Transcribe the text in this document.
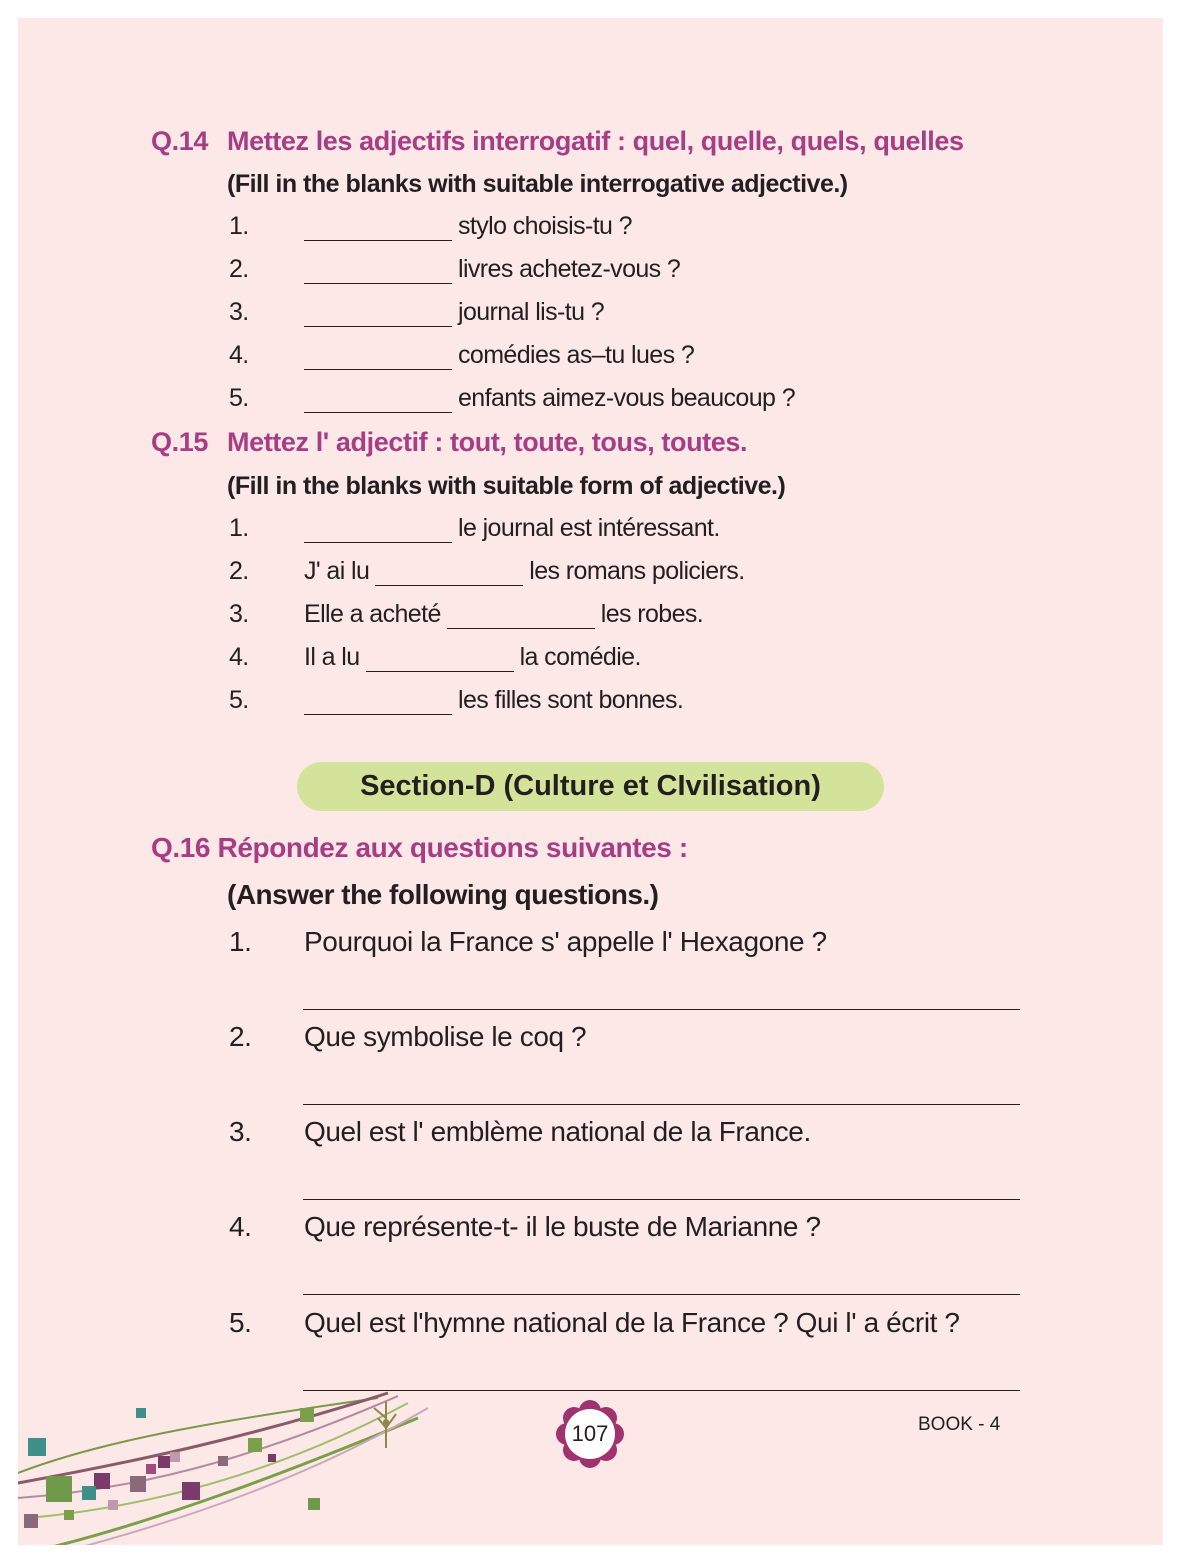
Q.14 Mettez les adjectifs interrogatif : quel, quelle, quels, quelles
(Fill in the blanks with suitable interrogative adjective.)
1.	stylo choisis-tu ?
2.	livres achetez-vous ?
3.	journal lis-tu ?
4.	comédies as–tu lues ?
5.	enfants aimez-vous beaucoup ?
Q.15 Mettez l' adjectif : tout, toute, tous, toutes.
(Fill in the blanks with suitable form of adjective.)
1.	le journal est intéressant.
2. J' ai lu	les romans policiers.
3. Elle a acheté	les robes.
4. Il a lu	la comédie.
5.	les filles sont bonnes.
Section-D (Culture et CIvilisation)
Q.16 Répondez aux questions suivantes :
(Answer the following questions.)
1. Pourquoi la France s' appelle l' Hexagone ?
2. Que symbolise le coq ?
3. Quel est l' emblème national de la France.
4. Que représente-t- il le buste de Marianne ?
5. Quel est l'hymne national de la France ? Qui l' a écrit ?
107	BOOK - 4
